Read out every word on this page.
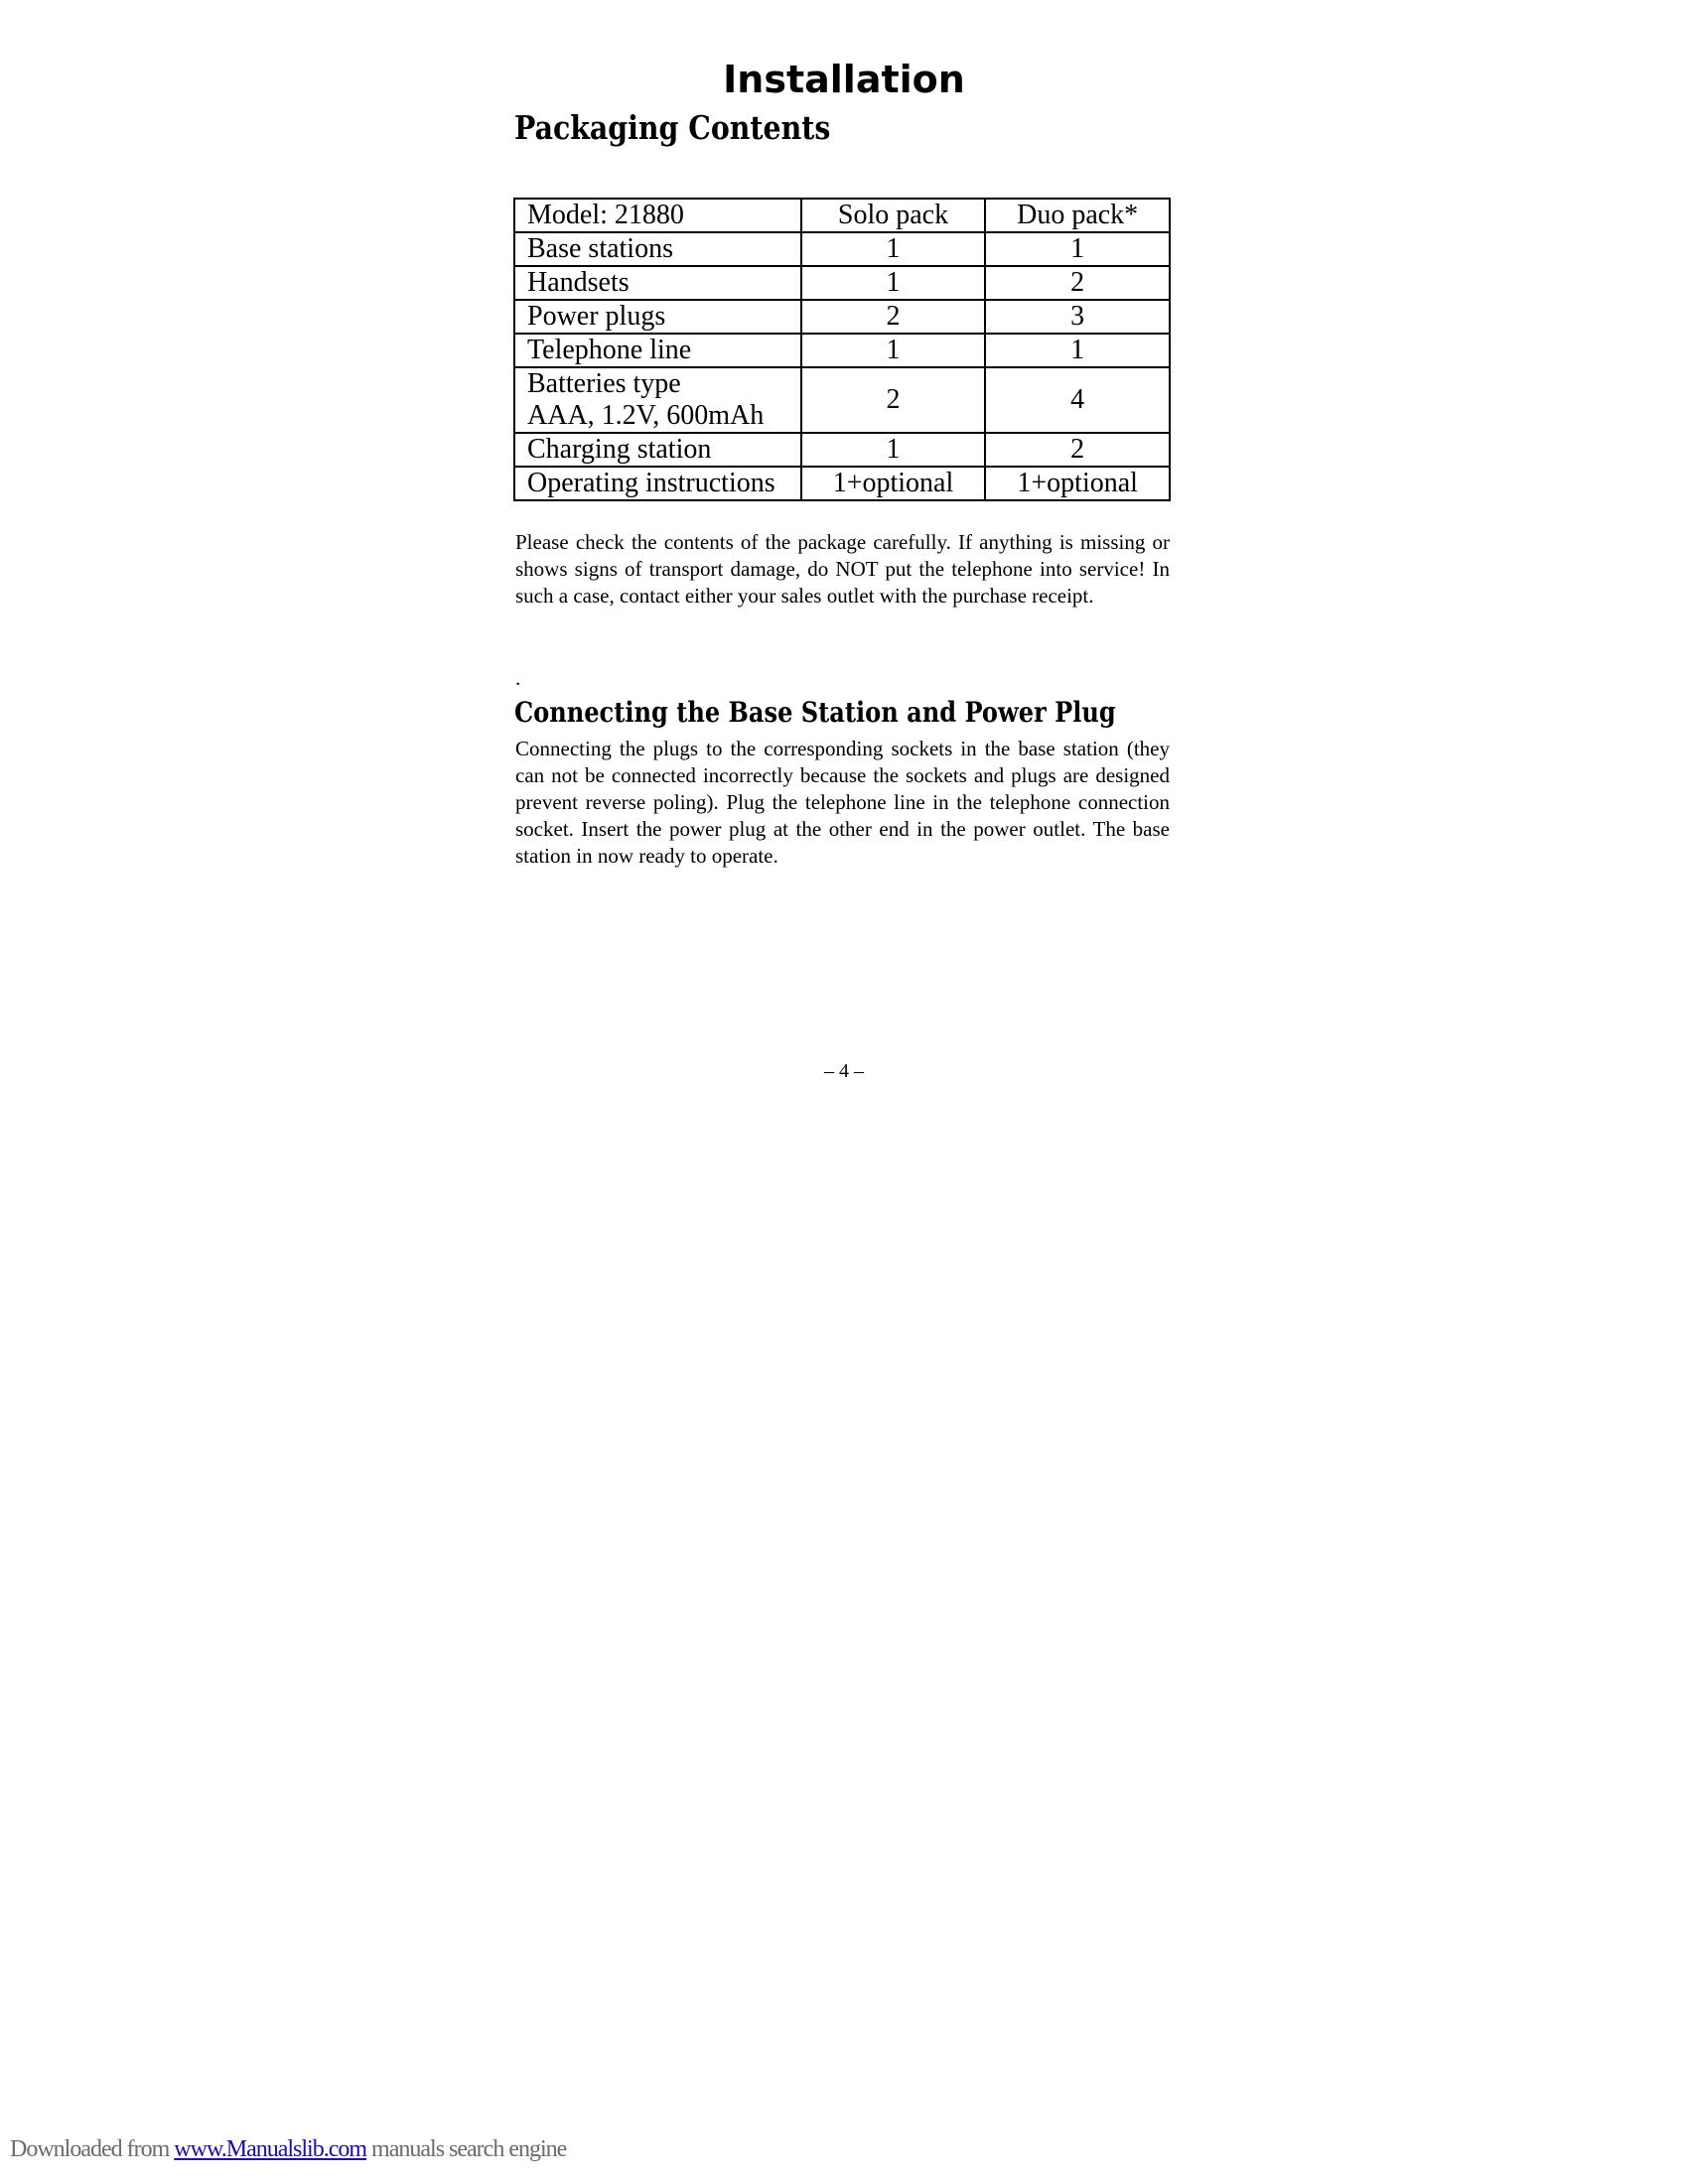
Installation
Packaging Contents
Model: 21880	Solo pack	Duo pack*
Base stations	1	1
Handsets	1	2
Power plugs	2	3
Telephone line	1	1

Batteries type
AAA, 1.2V, 600mAh	2	4
Charging station	1	2
Operating instructions	1+optional	1+optional

Please check the contents of the package carefully. If anything is missing or shows signs of transport damage, do NOT put the telephone into service! In such a case, contact either your sales outlet with the purchase receipt.

.

Connecting the Base Station and Power Plug

Connecting the plugs to the corresponding sockets in the base station (they can not be connected incorrectly because the sockets and plugs are designed prevent reverse poling). Plug the telephone line in the telephone connection socket. Insert the power plug at the other end in the power outlet. The base station in now ready to operate.

– 4 –

Downloaded from www.Manualslib.com manuals search engine
